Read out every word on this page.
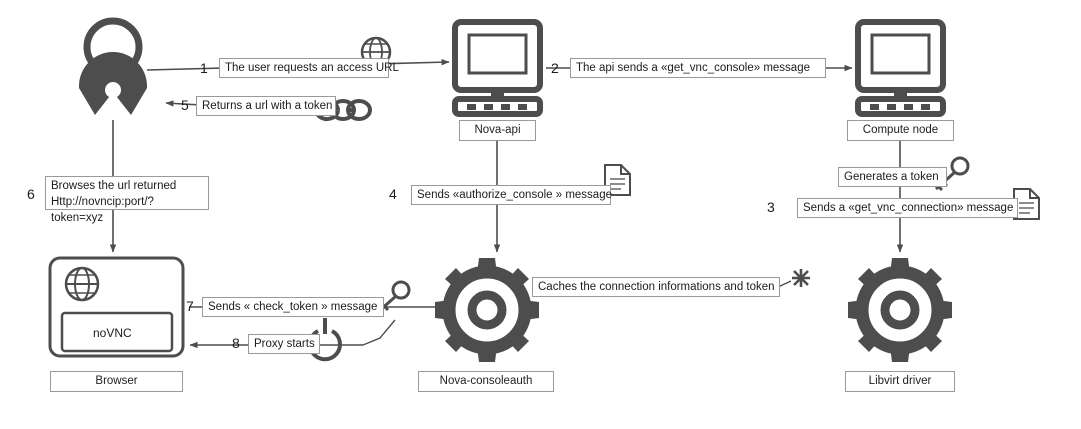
Nova-api	Compute node
Browser	Nova-consoleauth	Libvirt driver
noVNC
The user requests an access URL
1	The api sends a «get_vnc_console» message
2
Sends a «get_vnc_connection» message
3
Sends «authorize_console » message
4
Returns a url with a token
5
Browses the url returned
Http://novncip:port/?token=xyz
6
Sends « check_token » message
7
Proxy starts
8
Generates a token
Caches the connection informations and token
